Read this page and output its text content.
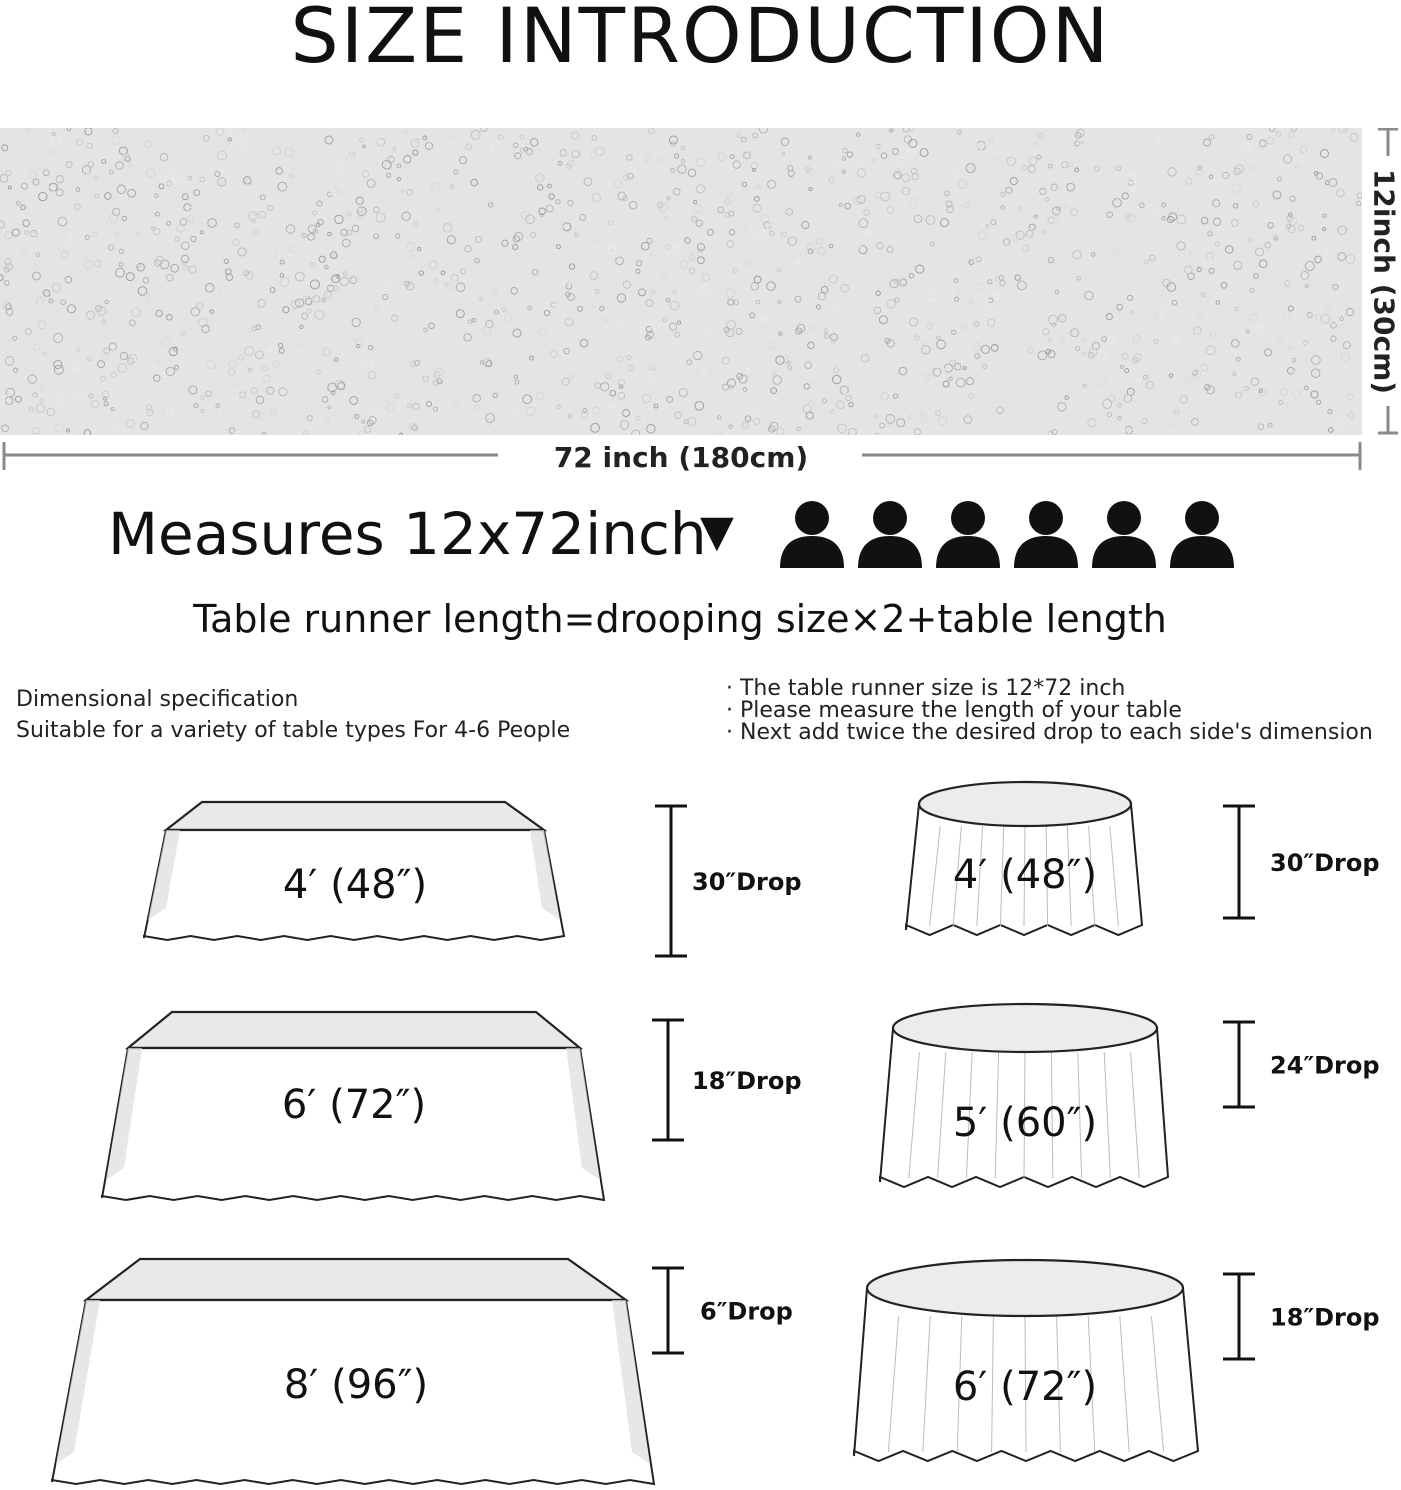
SIZE INTRODUCTION
72 inch (180cm)
12inch (30cm)
Measures 12x72inch
▼
Table runner length=drooping size×2+table length
Dimensional specification
Suitable for a variety of table types For 4-6 People
· The table runner size is 12*72 inch
· Please measure the length of your table
· Next add twice the desired drop to each side's dimension
4′ (48″)	30″Drop
6′ (72″)
18″Drop
8′ (96″)
6″Drop
4′ (48″)	30″Drop
5′ (60″)
24″Drop
6′ (72″)
18″Drop
